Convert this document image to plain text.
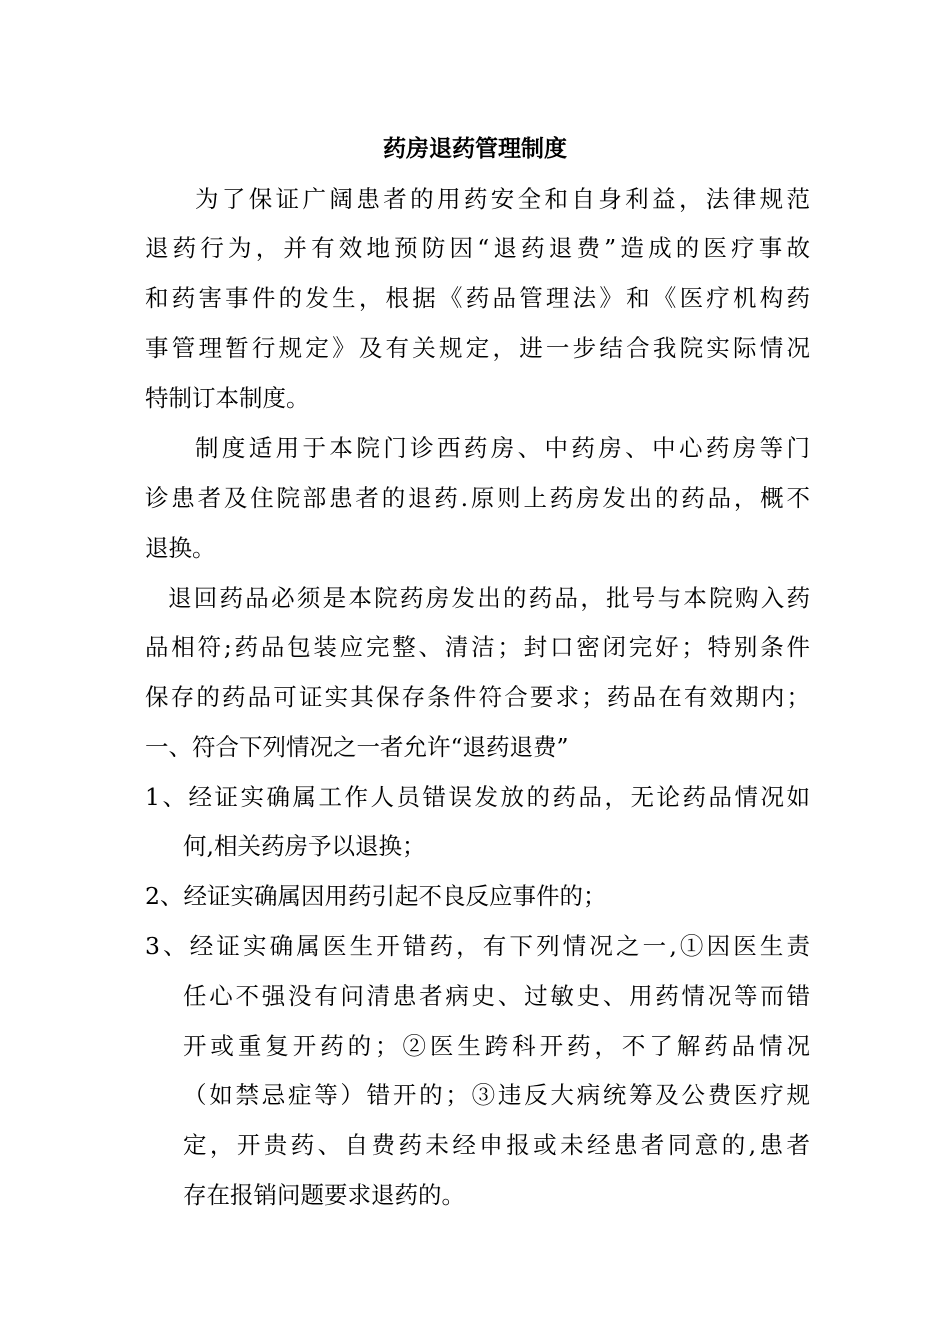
药房退药管理制度
为了保证广阔患者的用药安全和自身利益，法律规范
退药行为，并有效地预防因“退药退费”造成的医疗事故
和药害事件的发生，根据《药品管理法》和《医疗机构药
事管理暂行规定》及有关规定，进一步结合我院实际情况
特制订本制度。
制度适用于本院门诊西药房、中药房、中心药房等门
诊患者及住院部患者的退药.原则上药房发出的药品，概不
退换。
退回药品必须是本院药房发出的药品，批号与本院购入药
品相符;药品包装应完整、清洁；封口密闭完好；特别条件
保存的药品可证实其保存条件符合要求；药品在有效期内；
一、符合下列情况之一者允许“退药退费”
1、经证实确属工作人员错误发放的药品，无论药品情况如
何,相关药房予以退换；
2、经证实确属因用药引起不良反应事件的；
3、经证实确属医生开错药，有下列情况之一,①因医生责
任心不强没有问清患者病史、过敏史、用药情况等而错
开或重复开药的；②医生跨科开药，不了解药品情况
（如禁忌症等）错开的；③违反大病统筹及公费医疗规
定，开贵药、自费药未经申报或未经患者同意的,患者
存在报销问题要求退药的。
